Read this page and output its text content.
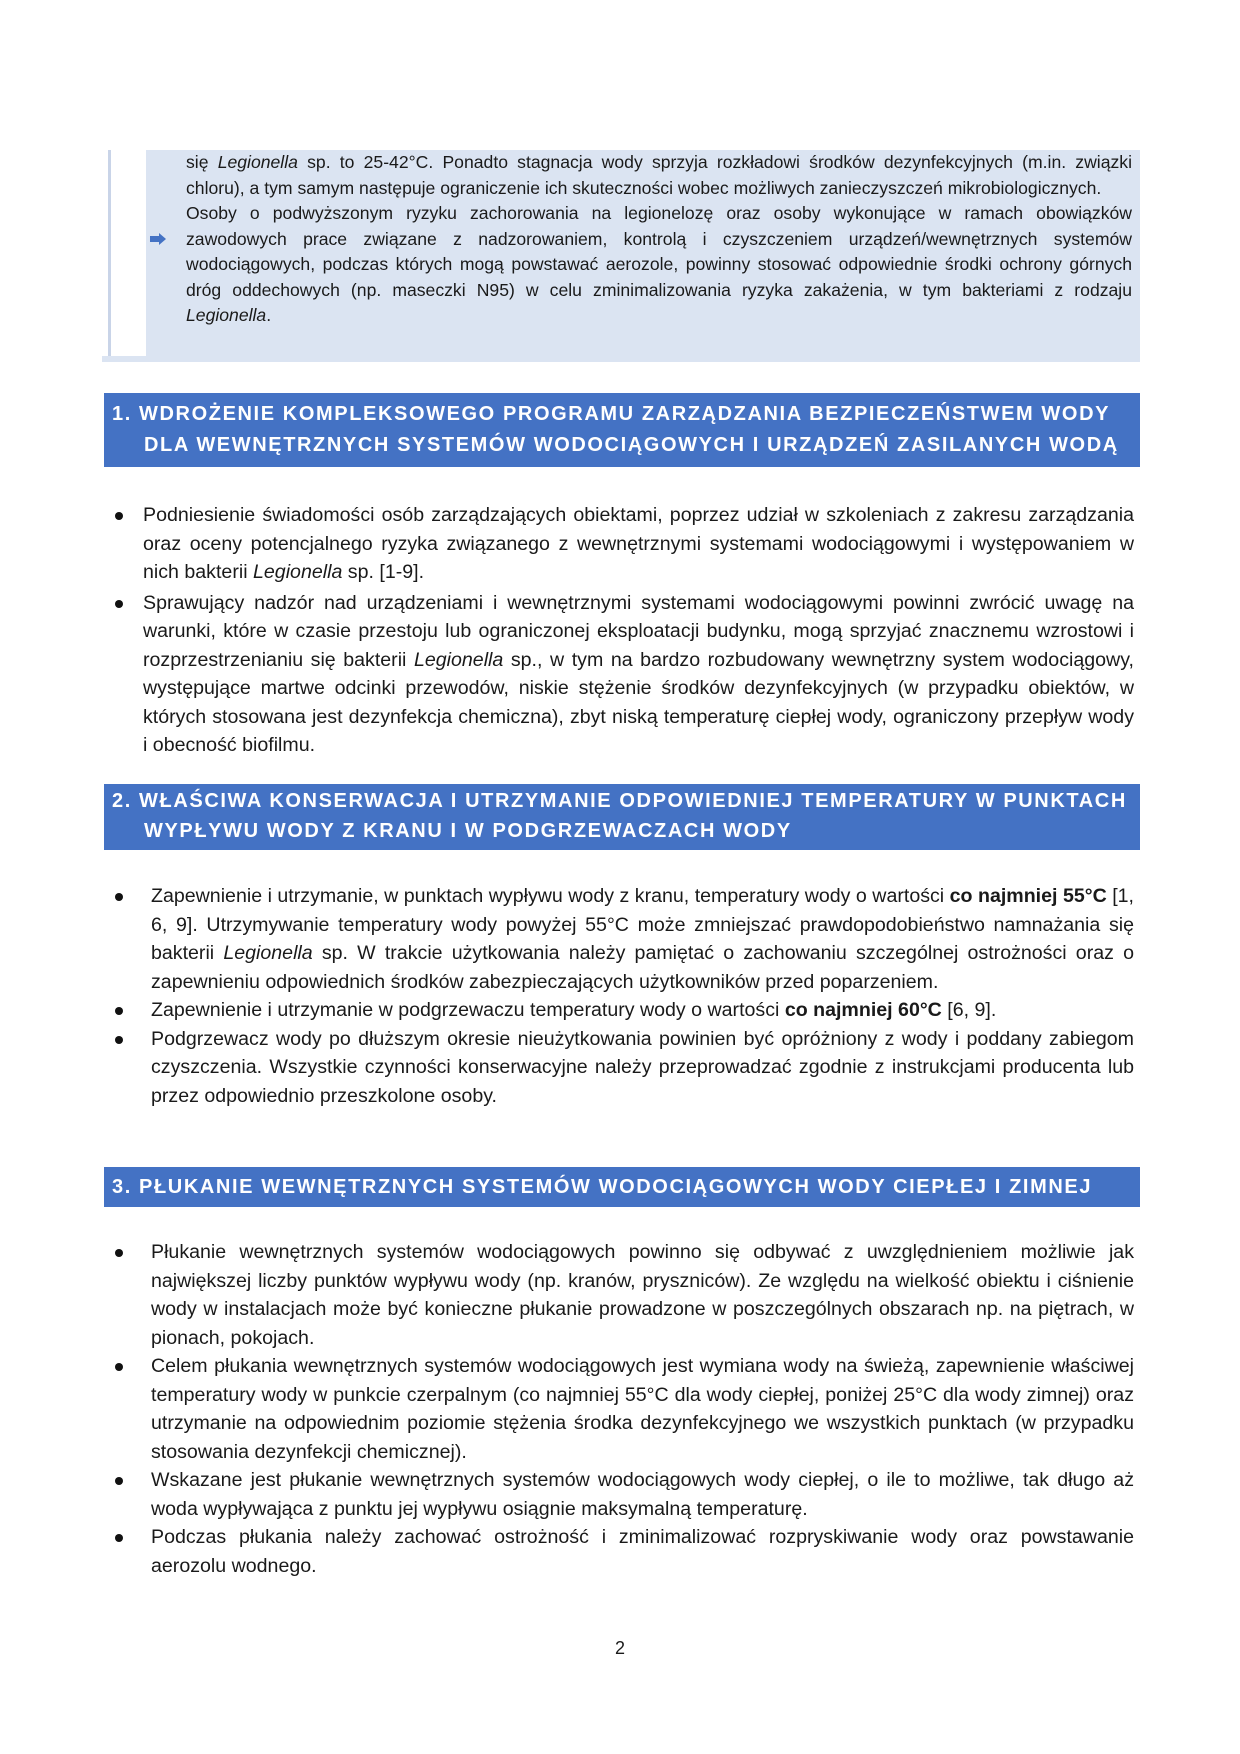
się Legionella sp. to 25-42°C. Ponadto stagnacja wody sprzyja rozkładowi środków dezynfekcyjnych (m.in. związki chloru), a tym samym następuje ograniczenie ich skuteczności wobec możliwych zanieczyszczeń mikrobiologicznych.

Osoby o podwyższonym ryzyku zachorowania na legionelozę oraz osoby wykonujące w ramach obowiązków zawodowych prace związane z nadzorowaniem, kontrolą i czyszczeniem urządzeń/wewnętrznych systemów wodociągowych, podczas których mogą powstawać aerozole, powinny stosować odpowiednie środki ochrony górnych dróg oddechowych (np. maseczki N95) w celu zminimalizowania ryzyka zakażenia, w tym bakteriami z rodzaju Legionella.

1. WDROŻENIE KOMPLEKSOWEGO PROGRAMU ZARZĄDZANIA BEZPIECZEŃSTWEM WODY
DLA WEWNĘTRZNYCH SYSTEMÓW WODOCIĄGOWYCH I URZĄDZEŃ ZASILANYCH WODĄ
Podniesienie świadomości osób zarządzających obiektami, poprzez udział w szkoleniach z zakresu zarządzania oraz oceny potencjalnego ryzyka związanego z wewnętrznymi systemami wodociągowymi i występowaniem w nich bakterii Legionella sp. [1-9].
Sprawujący nadzór nad urządzeniami i wewnętrznymi systemami wodociągowymi powinni zwrócić uwagę na warunki, które w czasie przestoju lub ograniczonej eksploatacji budynku, mogą sprzyjać znacznemu wzrostowi i rozprzestrzenianiu się bakterii Legionella sp., w tym na bardzo rozbudowany wewnętrzny system wodociągowy, występujące martwe odcinki przewodów, niskie stężenie środków dezynfekcyjnych (w przypadku obiektów, w których stosowana jest dezynfekcja chemiczna), zbyt niską temperaturę ciepłej wody, ograniczony przepływ wody i obecność biofilmu.
2. WŁAŚCIWA KONSERWACJA I UTRZYMANIE ODPOWIEDNIEJ TEMPERATURY W PUNKTACH
WYPŁYWU WODY Z KRANU I W PODGRZEWACZACH WODY
Zapewnienie i utrzymanie, w punktach wypływu wody z kranu, temperatury wody o wartości co najmniej 55°C [1, 6, 9]. Utrzymywanie temperatury wody powyżej 55°C może zmniejszać prawdopodobieństwo namnażania się bakterii Legionella sp. W trakcie użytkowania należy pamiętać o zachowaniu szczególnej ostrożności oraz o zapewnieniu odpowiednich środków zabezpieczających użytkowników przed poparzeniem.
Zapewnienie i utrzymanie w podgrzewaczu temperatury wody o wartości co najmniej 60°C [6, 9].
Podgrzewacz wody po dłuższym okresie nieużytkowania powinien być opróżniony z wody i poddany zabiegom czyszczenia. Wszystkie czynności konserwacyjne należy przeprowadzać zgodnie z instrukcjami producenta lub przez odpowiednio przeszkolone osoby.
3. PŁUKANIE WEWNĘTRZNYCH SYSTEMÓW WODOCIĄGOWYCH WODY CIEPŁEJ I ZIMNEJ
Płukanie wewnętrznych systemów wodociągowych powinno się odbywać z uwzględnieniem możliwie jak największej liczby punktów wypływu wody (np. kranów, pryszniców). Ze względu na wielkość obiektu i ciśnienie wody w instalacjach może być konieczne płukanie prowadzone w poszczególnych obszarach np. na piętrach, w pionach, pokojach.
Celem płukania wewnętrznych systemów wodociągowych jest wymiana wody na świeżą, zapewnienie właściwej temperatury wody w punkcie czerpalnym (co najmniej 55°C dla wody ciepłej, poniżej 25°C dla wody zimnej) oraz utrzymanie na odpowiednim poziomie stężenia środka dezynfekcyjnego we wszystkich punktach (w przypadku stosowania dezynfekcji chemicznej).
Wskazane jest płukanie wewnętrznych systemów wodociągowych wody ciepłej, o ile to możliwe, tak długo aż woda wypływająca z punktu jej wypływu osiągnie maksymalną temperaturę.
Podczas płukania należy zachować ostrożność i zminimalizować rozpryskiwanie wody oraz powstawanie aerozolu wodnego.
2
